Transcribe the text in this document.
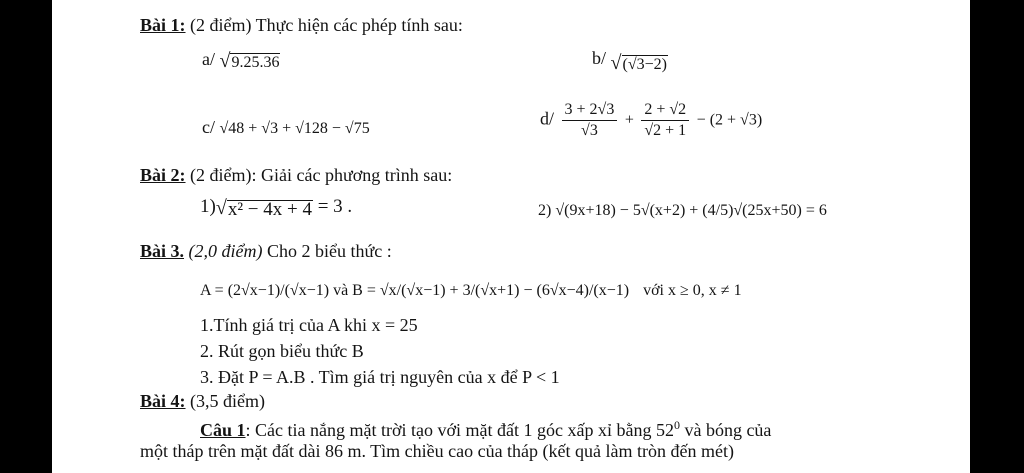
Bài 1: (2 điểm) Thực hiện các phép tính sau:
a/ √9.25.36	b/ √(√3−2)
c/ √48 + √3 + √128 − √75	$d/ \frac{3 + 2√3}{√3} + \frac{2 + √2}{√2 + 1} - (2 + √3)$
Bài 2: (2 điểm): Giải các phương trình sau:
1)√x² − 4x + 4 = 3 .	2) √(9x+18) − 5√(x+2) + (4/5)√(25x+50) = 6
Bài 3. (2,0 điểm) Cho 2 biểu thức :
A = (2√x−1)/(√x−1) và B = √x/(√x−1) + 3/(√x+1) − (6√x−4)/(x−1) với x ≥ 0, x ≠ 1
1.Tính giá trị của A khi x = 25
2. Rút gọn biểu thức B
3. Đặt P = A.B . Tìm giá trị nguyên của x để P < 1
Bài 4: (3,5 điểm)
Câu 1: Các tia nắng mặt trời tạo với mặt đất 1 góc xấp xỉ bằng $52^0$ và bóng của
một tháp trên mặt đất dài 86 m. Tìm chiều cao của tháp (kết quả làm tròn đến mét)
